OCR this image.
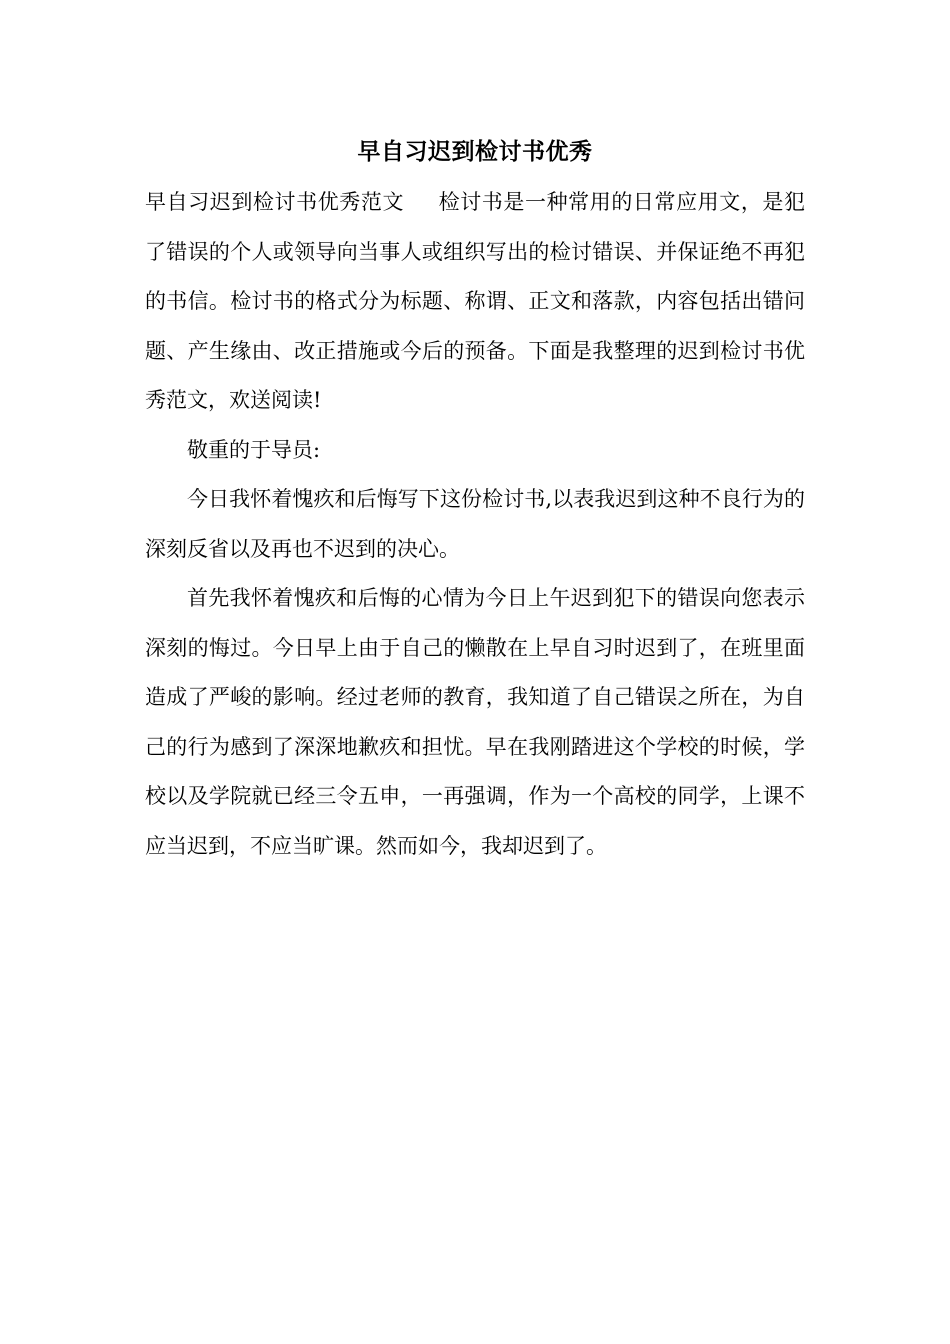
早自习迟到检讨书优秀

早自习迟到检讨书优秀范文 检讨书是一种常用的日常应用文，是犯了错误的个人或领导向当事人或组织写出的检讨错误、并保证绝不再犯的书信。检讨书的格式分为标题、称谓、正文和落款，内容包括出错问题、产生缘由、改正措施或今后的预备。下面是我整理的迟到检讨书优秀范文，欢送阅读!

敬重的于导员:

今日我怀着愧疚和后悔写下这份检讨书,以表我迟到这种不良行为的深刻反省以及再也不迟到的决心。

首先我怀着愧疚和后悔的心情为今日上午迟到犯下的错误向您表示深刻的悔过。今日早上由于自己的懒散在上早自习时迟到了，在班里面造成了严峻的影响。经过老师的教育，我知道了自己错误之所在，为自己的行为感到了深深地歉疚和担忧。早在我刚踏进这个学校的时候，学校以及学院就已经三令五申，一再强调，作为一个高校的同学，上课不应当迟到，不应当旷课。然而如今，我却迟到了。
